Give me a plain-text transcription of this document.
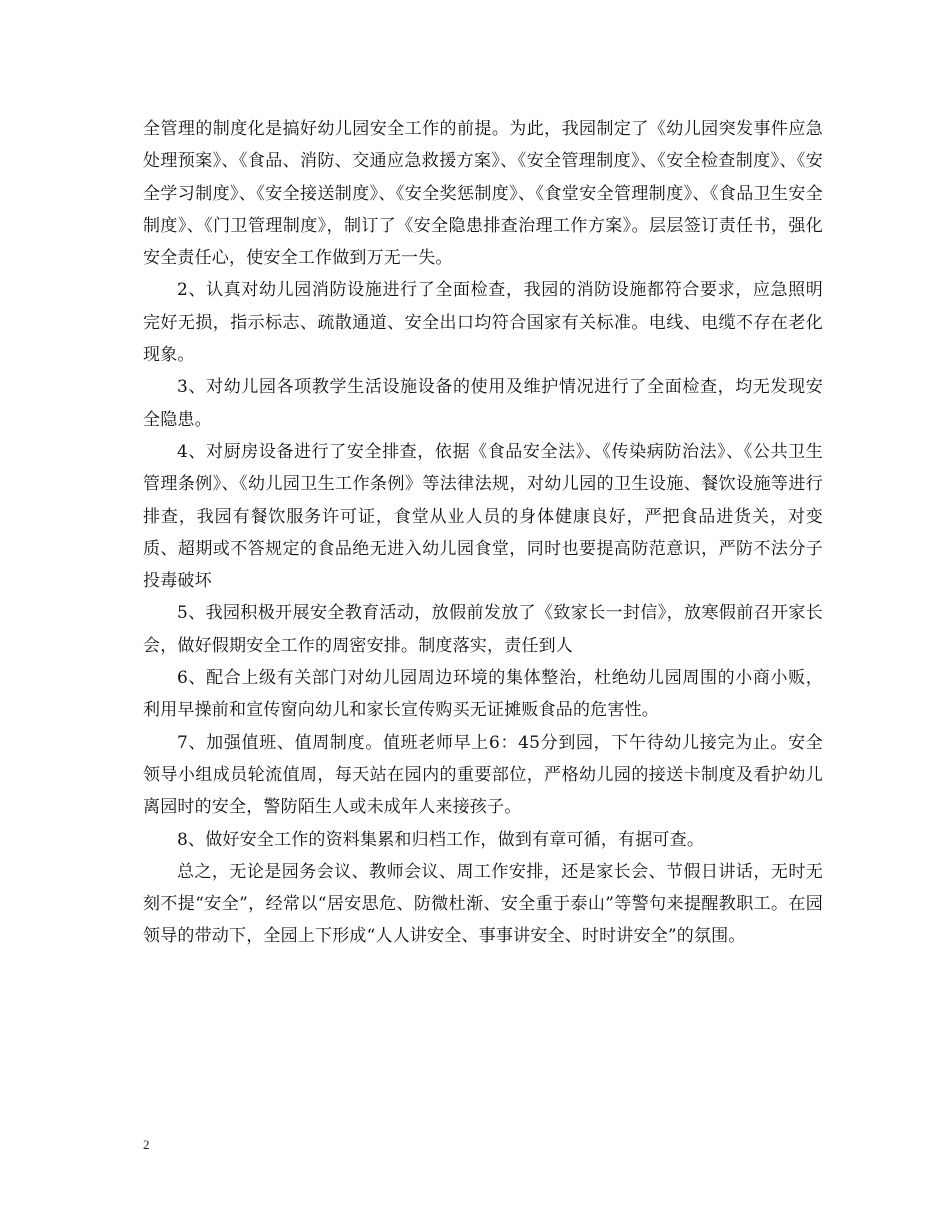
全管理的制度化是搞好幼儿园安全工作的前提。为此，我园制定了《幼儿园突发事件应急处理预案》、《食品、消防、交通应急救援方案》、《安全管理制度》、《安全检查制度》、《安全学习制度》、《安全接送制度》、《安全奖惩制度》、《食堂安全管理制度》、《食品卫生安全制度》、《门卫管理制度》，制订了《安全隐患排查治理工作方案》。层层签订责任书，强化安全责任心，使安全工作做到万无一失。

2、认真对幼儿园消防设施进行了全面检查，我园的消防设施都符合要求，应急照明完好无损，指示标志、疏散通道、安全出口均符合国家有关标准。电线、电缆不存在老化现象。

3、对幼儿园各项教学生活设施设备的使用及维护情况进行了全面检查，均无发现安全隐患。

4、对厨房设备进行了安全排查，依据《食品安全法》、《传染病防治法》、《公共卫生管理条例》、《幼儿园卫生工作条例》等法律法规，对幼儿园的卫生设施、餐饮设施等进行排查，我园有餐饮服务许可证，食堂从业人员的身体健康良好，严把食品进货关，对变质、超期或不答规定的食品绝无进入幼儿园食堂，同时也要提高防范意识，严防不法分子投毒破坏

5、我园积极开展安全教育活动，放假前发放了《致家长一封信》，放寒假前召开家长会，做好假期安全工作的周密安排。制度落实，责任到人

6、配合上级有关部门对幼儿园周边环境的集体整治，杜绝幼儿园周围的小商小贩，利用早操前和宣传窗向幼儿和家长宣传购买无证摊贩食品的危害性。

7、加强值班、值周制度。值班老师早上6：45分到园，下午待幼儿接完为止。安全领导小组成员轮流值周，每天站在园内的重要部位，严格幼儿园的接送卡制度及看护幼儿离园时的安全，警防陌生人或未成年人来接孩子。

8、做好安全工作的资料集累和归档工作，做到有章可循，有据可查。

总之，无论是园务会议、教师会议、周工作安排，还是家长会、节假日讲话，无时无刻不提“安全”，经常以“居安思危、防微杜渐、安全重于泰山”等警句来提醒教职工。在园领导的带动下，全园上下形成“人人讲安全、事事讲安全、时时讲安全”的氛围。

2
